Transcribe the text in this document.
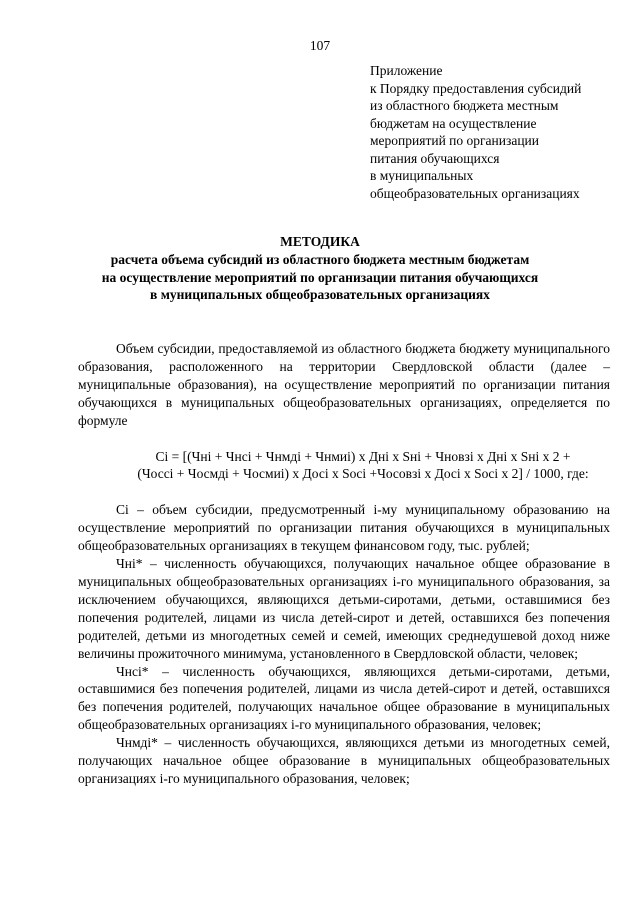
107
Приложение
к Порядку предоставления субсидий
из областного бюджета местным
бюджетам на осуществление
мероприятий по организации
питания обучающихся
в муниципальных
общеобразовательных организациях
МЕТОДИКА
расчета объема субсидий из областного бюджета местным бюджетам
на осуществление мероприятий по организации питания обучающихся
в муниципальных общеобразовательных организациях

Объем субсидии, предоставляемой из областного бюджета бюджету муниципального образования, расположенного на территории Свердловской области (далее – муниципальные образования), на осуществление мероприятий по организации питания обучающихся в муниципальных общеобразовательных организациях, определяется по формуле

Ci = [(Чнi + Чнсi + Чнмдi + Чнмиi) х Днi х Sнi + Чновзi х Днi х Sнi х 2 +

(Чоссi + Чосмдi + Чосмиi) х Досi х Soci +Чосовзi х Досi х Soci х 2] / 1000, где:

Ci – объем субсидии, предусмотренный i-му муниципальному образованию на осуществление мероприятий по организации питания обучающихся в муниципальных общеобразовательных организациях в текущем финансовом году, тыс. рублей;

Чнi* – численность обучающихся, получающих начальное общее образование в муниципальных общеобразовательных организациях i-го муниципального образования, за исключением обучающихся, являющихся детьми-сиротами, детьми, оставшимися без попечения родителей, лицами из числа детей-сирот и детей, оставшихся без попечения родителей, детьми из многодетных семей и семей, имеющих среднедушевой доход ниже величины прожиточного минимума, установленного в Свердловской области, человек;

Чнсi* – численность обучающихся, являющихся детьми-сиротами, детьми, оставшимися без попечения родителей, лицами из числа детей-сирот и детей, оставшихся без попечения родителей, получающих начальное общее образование в муниципальных общеобразовательных организациях i-го муниципального образования, человек;

Чнмдi* – численность обучающихся, являющихся детьми из многодетных семей, получающих начальное общее образование в муниципальных общеобразовательных организациях i-го муниципального образования, человек;
